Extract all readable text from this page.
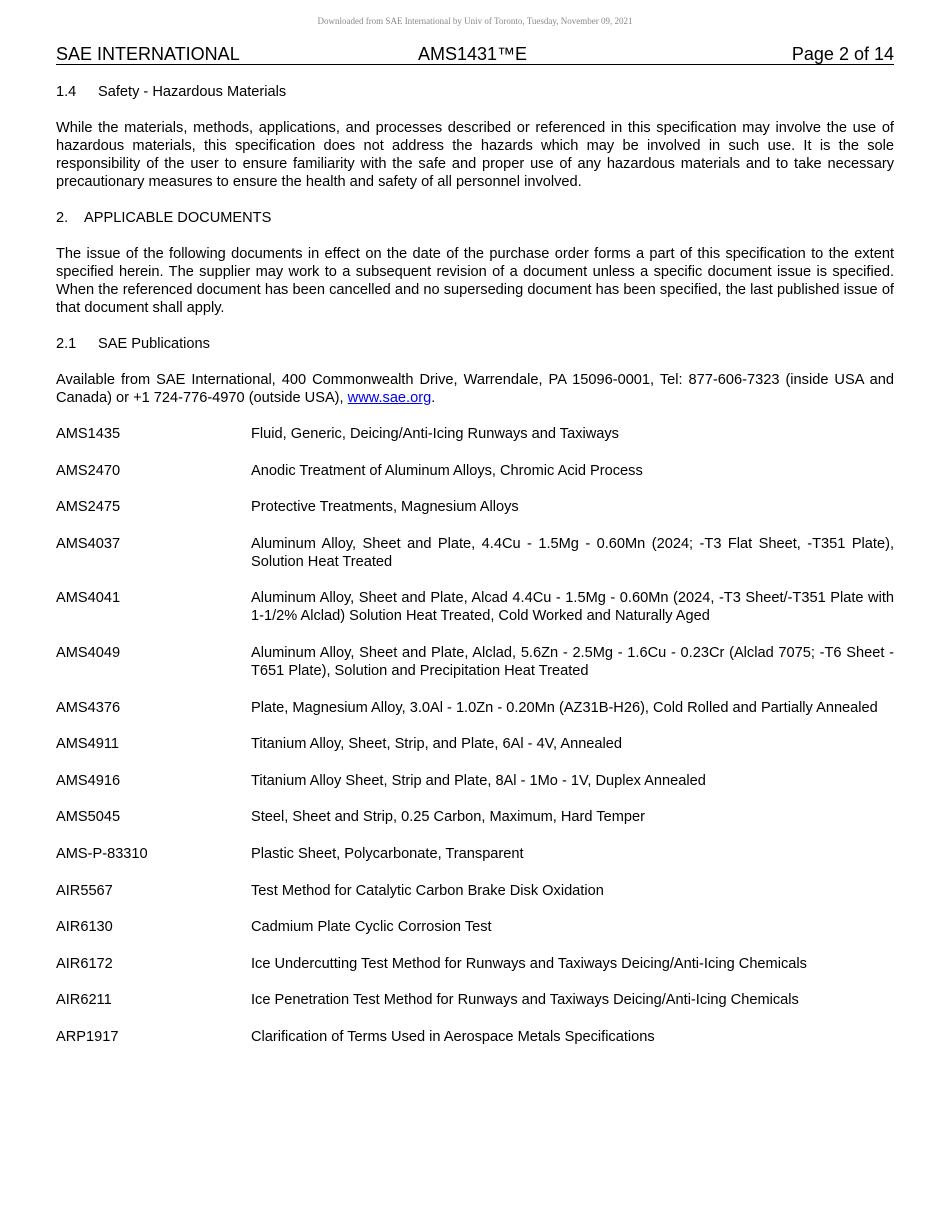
Downloaded from SAE International by Univ of Toronto, Tuesday, November 09, 2021
SAE INTERNATIONAL	AMS1431™E	Page 2 of 14
1.4 Safety - Hazardous Materials

While the materials, methods, applications, and processes described or referenced in this specification may involve the use of hazardous materials, this specification does not address the hazards which may be involved in such use. It is the sole responsibility of the user to ensure familiarity with the safe and proper use of any hazardous materials and to take necessary precautionary measures to ensure the health and safety of all personnel involved.

2. APPLICABLE DOCUMENTS

The issue of the following documents in effect on the date of the purchase order forms a part of this specification to the extent specified herein. The supplier may work to a subsequent revision of a document unless a specific document issue is specified. When the referenced document has been cancelled and no superseding document has been specified, the last published issue of that document shall apply.

2.1 SAE Publications

Available from SAE International, 400 Commonwealth Drive, Warrendale, PA 15096-0001, Tel: 877-606-7323 (inside USA and Canada) or +1 724-776-4970 (outside USA), www.sae.org.

AMS1435	Fluid, Generic, Deicing/Anti-Icing Runways and Taxiways
AMS2470	Anodic Treatment of Aluminum Alloys, Chromic Acid Process
AMS2475	Protective Treatments, Magnesium Alloys
AMS4037	Aluminum Alloy, Sheet and Plate, 4.4Cu - 1.5Mg - 0.60Mn (2024; -T3 Flat Sheet, -T351 Plate), Solution Heat Treated
AMS4041	Aluminum Alloy, Sheet and Plate, Alcad 4.4Cu - 1.5Mg - 0.60Mn (2024, -T3 Sheet/-T351 Plate with 1-1/2% Alclad) Solution Heat Treated, Cold Worked and Naturally Aged
AMS4049	Aluminum Alloy, Sheet and Plate, Alclad, 5.6Zn - 2.5Mg - 1.6Cu - 0.23Cr (Alclad 7075; -T6 Sheet -T651 Plate), Solution and Precipitation Heat Treated
AMS4376	Plate, Magnesium Alloy, 3.0Al - 1.0Zn - 0.20Mn (AZ31B-H26), Cold Rolled and Partially Annealed
AMS4911	Titanium Alloy, Sheet, Strip, and Plate, 6Al - 4V, Annealed
AMS4916	Titanium Alloy Sheet, Strip and Plate, 8Al - 1Mo - 1V, Duplex Annealed
AMS5045	Steel, Sheet and Strip, 0.25 Carbon, Maximum, Hard Temper
AMS-P-83310	Plastic Sheet, Polycarbonate, Transparent
AIR5567	Test Method for Catalytic Carbon Brake Disk Oxidation
AIR6130	Cadmium Plate Cyclic Corrosion Test
AIR6172	Ice Undercutting Test Method for Runways and Taxiways Deicing/Anti-Icing Chemicals
AIR6211	Ice Penetration Test Method for Runways and Taxiways Deicing/Anti-Icing Chemicals
ARP1917	Clarification of Terms Used in Aerospace Metals Specifications
